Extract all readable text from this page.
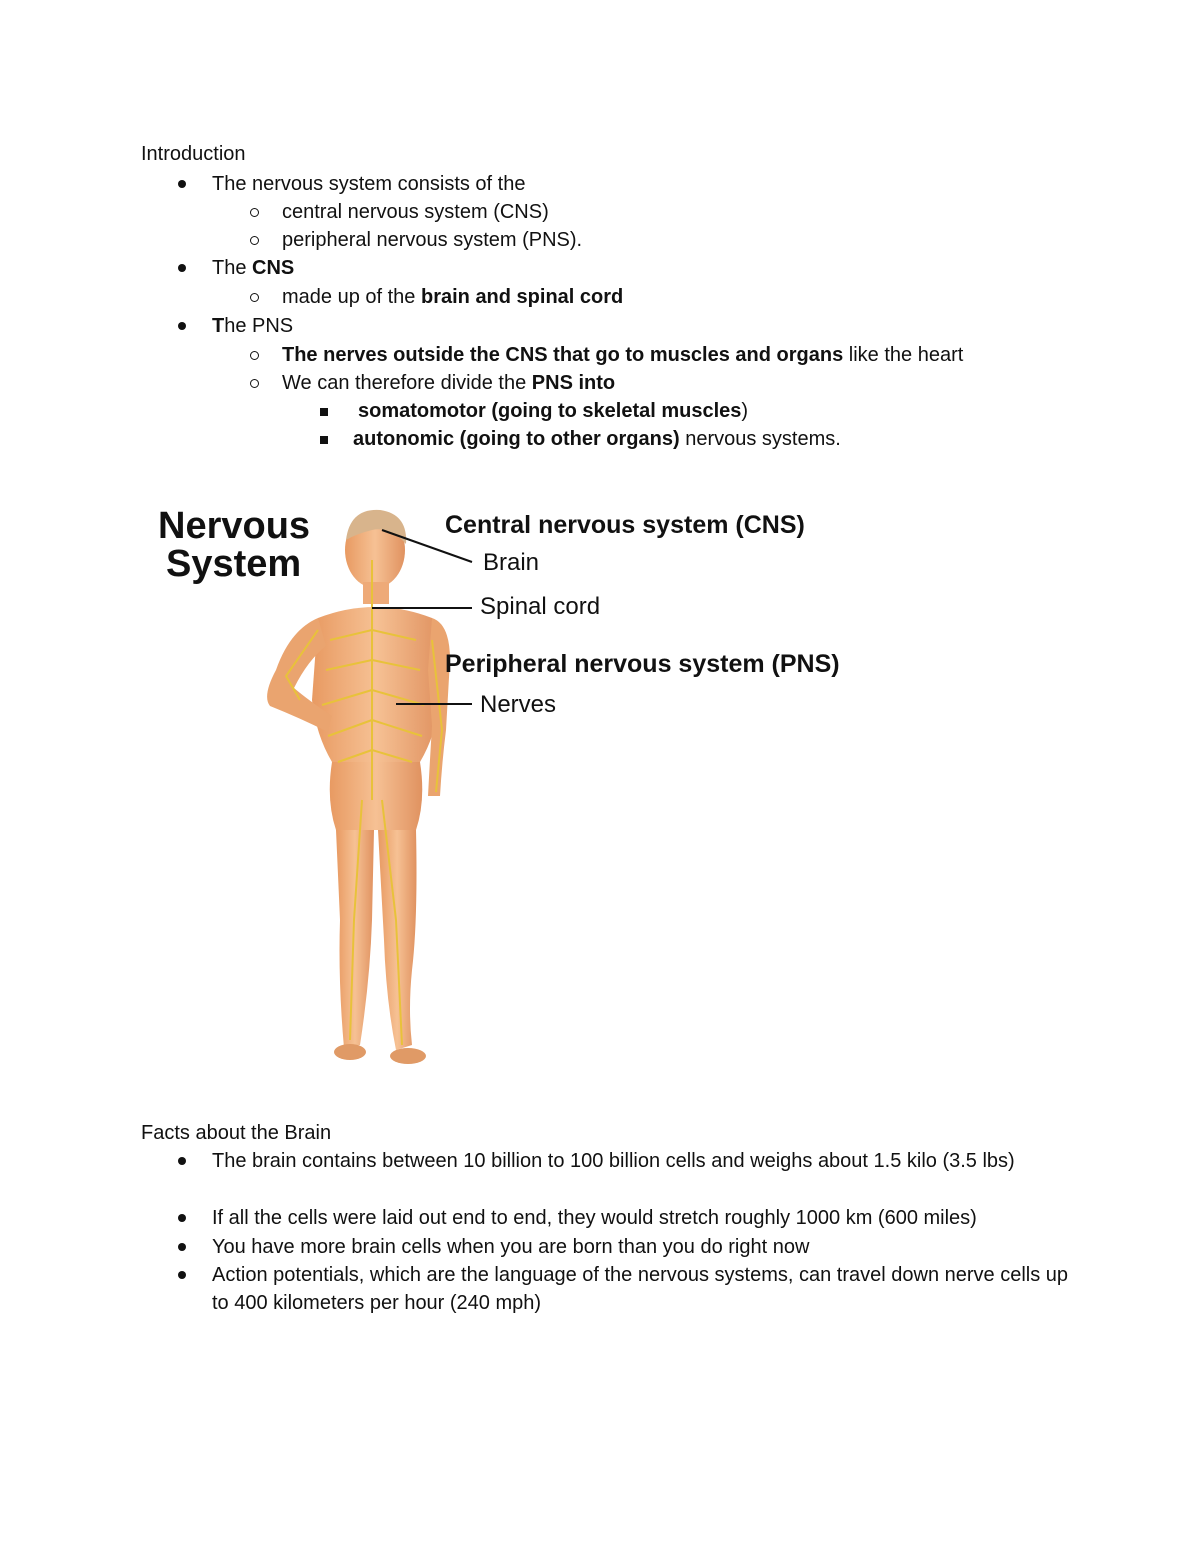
Introduction
The nervous system consists of the
central nervous system (CNS)
peripheral nervous system (PNS).
The CNS
made up of the brain and spinal cord
The PNS
The nerves outside the CNS that go to muscles and organs like the heart
We can therefore divide the PNS into
somatomotor (going to skeletal muscles)
autonomic (going to other organs) nervous systems.
Nervous
System
Central nervous system (CNS)
Brain
Spinal cord
Peripheral nervous system (PNS)
Nerves
Facts about the Brain
The brain contains between 10 billion to 100 billion cells and weighs about 1.5 kilo (3.5 lbs)
If all the cells were laid out end to end, they would stretch roughly 1000 km (600 miles)
You have more brain cells when you are born than you do right now
Action potentials, which are the language of the nervous systems, can travel down nerve cells up to 400 kilometers per hour (240 mph)
